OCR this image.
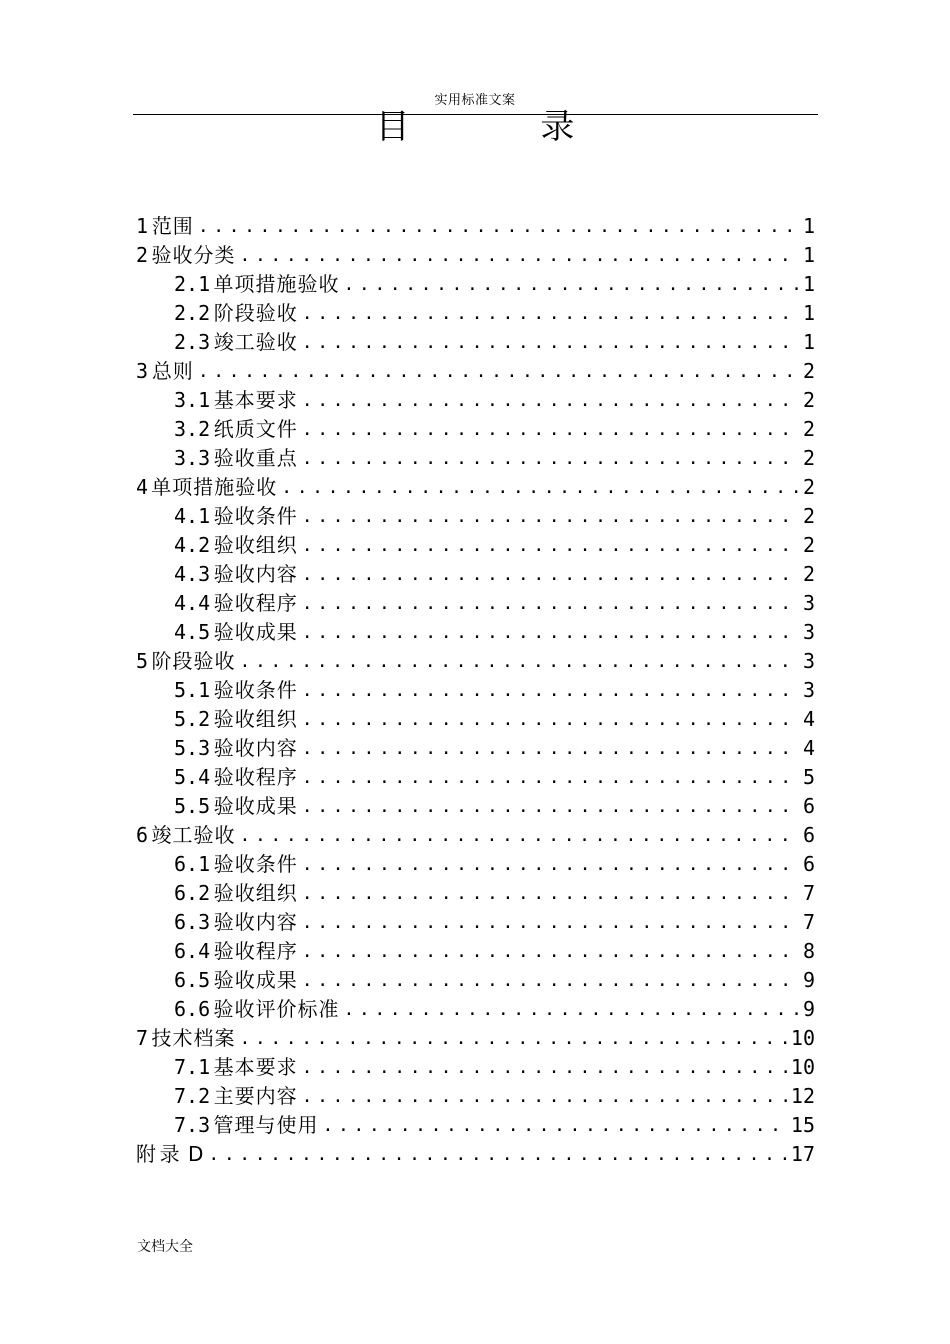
实用标准文案
目 录
1 范围 .....	1
2 验收分类 .....	1
2.1 单项措施验收 .....	1
2.2 阶段验收 .....	1
2.3 竣工验收 .....	1
3 总则 .....	2
3.1 基本要求 .....	2
3.2 纸质文件 .....	2
3.3 验收重点 .....	2
4 单项措施验收 .....	2
4.1 验收条件 .....	2
4.2 验收组织 .....	2
4.3 验收内容 .....	2
4.4 验收程序 .....	3
4.5 验收成果 .....	3
5 阶段验收 .....	3
5.1 验收条件 .....	3
5.2 验收组织 .....	4
5.3 验收内容 .....	4
5.4 验收程序 .....	5
5.5 验收成果 .....	6
6 竣工验收 .....	6
6.1 验收条件 .....	6
6.2 验收组织 .....	7
6.3 验收内容 .....	7
6.4 验收程序 .....	8
6.5 验收成果 .....	9
6.6 验收评价标准 .....	9
7 技术档案 .....	10
7.1 基本要求 .....	10
7.2 主要内容 .....	12
7.3 管理与使用 .....	15
附 录 D .....	17
文档大全
